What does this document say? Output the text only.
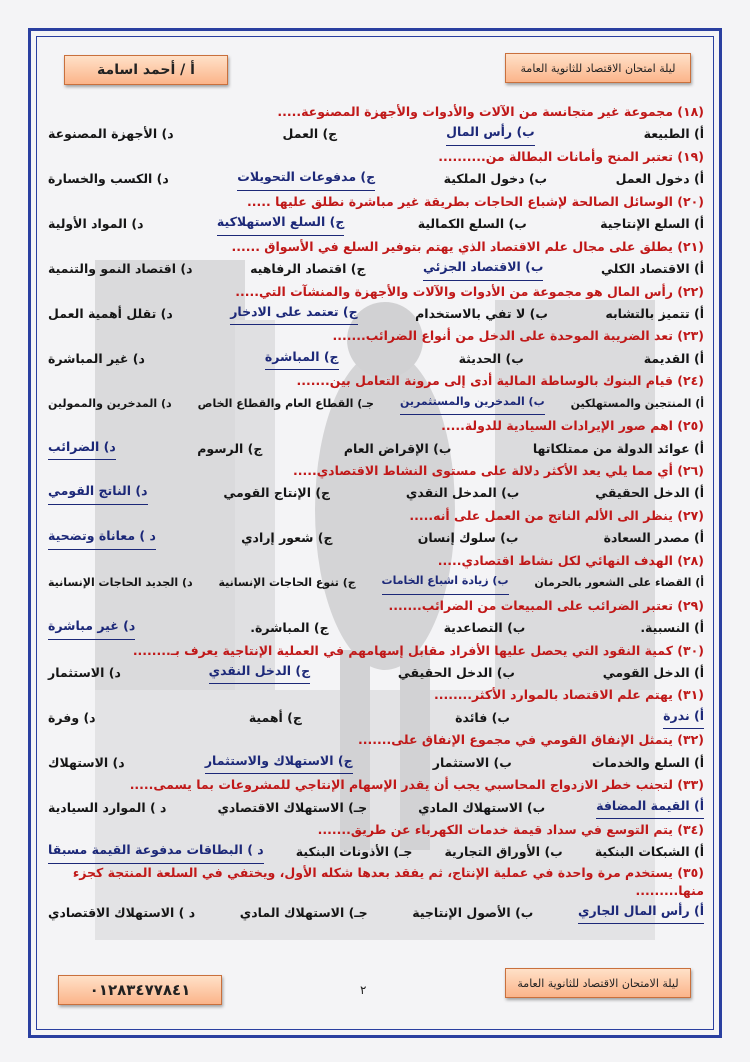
ليلة امتحان الاقتصاد للثانوية العامة
أ / أحمد اسامة
(١٨) مجموعة غير متجانسة من الآلات والأدوات والأجهزة المصنوعة.....
أ) الطبيعة
ب) رأس المال
ج) العمل
د) الأجهزة المصنوعة
(١٩) تعتبر المنح وأمانات البطالة من..........
أ) دخول العمل
ب) دخول الملكية
ج) مدفوعات التحويلات
د) الكسب والخسارة
(٢٠) الوسائل الصالحة لإشباع الحاجات بطريقة غير مباشرة نطلق عليها .....
أ) السلع الإنتاجية
ب) السلع الكمالية
ج) السلع الاستهلاكية
د) المواد الأولية
(٢١) يطلق على مجال علم الاقتصاد الذي يهتم بتوفير السلع في الأسواق ......
أ) الاقتصاد الكلي
ب) الاقتصاد الجزئي
ج) اقتصاد الرفاهيه
د) اقتصاد النمو والتنمية
(٢٢) رأس المال هو مجموعة من الأدوات والآلات والأجهزة والمنشآت التي.....
أ) تتميز بالتشابه
ب) لا تفي بالاستخدام
ج) تعتمد على الادخار
د) تقلل أهمية العمل
(٢٣) تعد الضريبة الموحدة على الدخل من أنواع الضرائب.......
أ) القديمة
ب) الحديثة
ج) المباشرة
د) غير المباشرة
(٢٤) قيام البنوك بالوساطة المالية أدى إلى مرونة التعامل بين.......
أ) المنتجين والمستهلكين
ب) المدخرين والمستثمرين
جـ) القطاع العام والقطاع الخاص
د) المدخرين والممولين
(٢٥) اهم صور الإيرادات السيادية للدولة.....
أ) عوائد الدولة من ممتلكاتها
ب) الإقراض العام
ج) الرسوم
د) الضرائب
(٢٦) أي مما يلي يعد الأكثر دلالة على مستوى النشاط الاقتصادي.....
أ) الدخل الحقيقي
ب) المدخل النقدي
ج) الإنتاج القومي
د) الناتج القومي
(٢٧) ينظر الى الألم الناتج من العمل على أنه.....
أ) مصدر السعادة
ب) سلوك إنسان
ج) شعور إرادي
د ) معاناة وتضحية
(٢٨) الهدف النهائي لكل نشاط اقتصادي.....
أ) القضاء على الشعور بالحرمان
ب) زيادة اشباع الخامات
ج) تنوع الحاجات الإنسانية
د) الجديد الحاجات الإنسانية
(٢٩) تعتبر الضرائب على المبيعات من الضرائب.......
أ) النسبية.
ب) التصاعدية
ج) المباشرة.
د) غير مباشرة
(٣٠) كمية النقود التي يحصل عليها الأفراد مقابل إسهامهم في العملية الإنتاجية يعرف بـ........
أ) الدخل القومي
ب) الدخل الحقيقي
ج) الدخل النقدي
د) الاستثمار
(٣١) يهتم علم الاقتصاد بالموارد الأكثر........
أ) ندرة
ب) فائدة
ج) أهمية
د) وفرة
(٣٢) يتمثل الإنفاق القومي في مجموع الإنفاق على.......
أ) السلع والخدمات
ب) الاستثمار
ج) الاستهلاك والاستثمار
د) الاستهلاك
(٣٣) لتجنب خطر الازدواج المحاسبي يجب أن يقدر الإسهام الإنتاجي للمشروعات بما يسمى.....
أ) القيمة المضافة
ب) الاستهلاك المادي
جـ) الاستهلاك الاقتصادي
د ) الموارد السيادية
(٣٤) يتم التوسع في سداد قيمة خدمات الكهرباء عن طريق.......
أ) الشبكات البنكية
ب) الأوراق التجارية
جـ) الأذونات البنكية
د ) البطاقات مدفوعة القيمة مسبقا
(٣٥) يستخدم مرة واحدة في عملية الإنتاج، ثم يفقد بعدها شكله الأول، ويختفي في السلعة المنتجة كجزء منها.........
أ) رأس المال الجاري
ب) الأصول الإنتاجية
جـ) الاستهلاك المادي
د ) الاستهلاك الاقتصادي
ليلة الامتحان الاقتصاد للثانوية العامة
٢
٠١٢٨٣٤٧٧٨٤١
